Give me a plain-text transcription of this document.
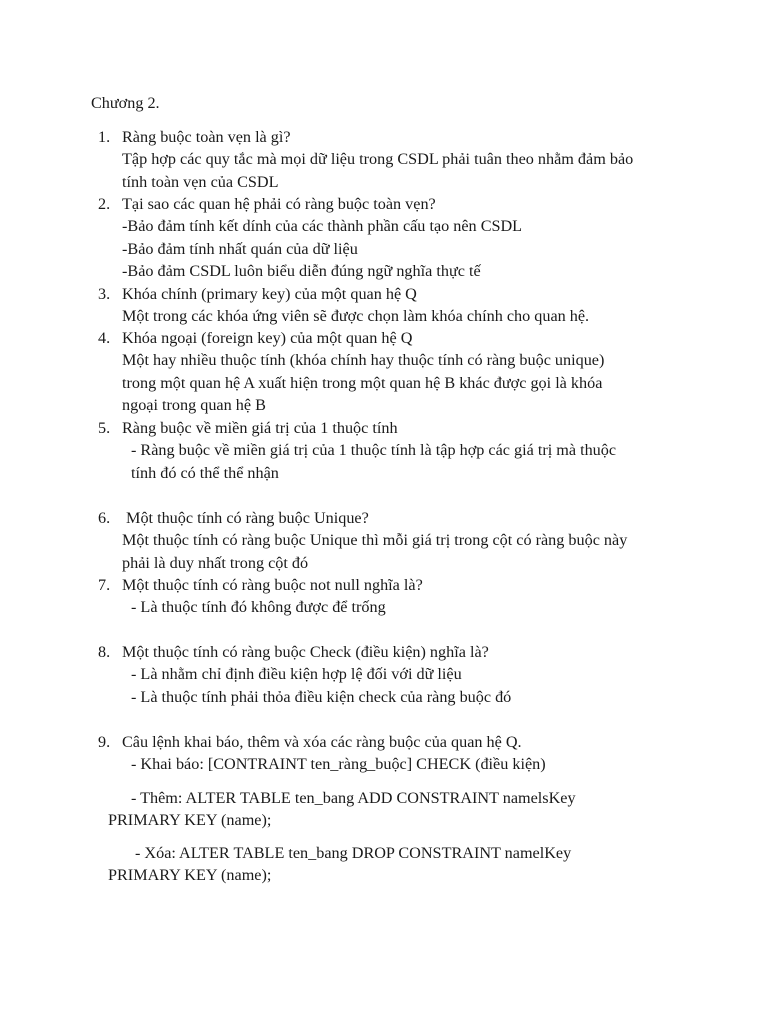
Chương 2.
1. Ràng buộc toàn vẹn là gì?
Tập hợp các quy tắc mà mọi dữ liệu trong CSDL phải tuân theo nhằm đảm bảo
tính toàn vẹn của CSDL
2. Tại sao các quan hệ phải có ràng buộc toàn vẹn?
-Bảo đảm tính kết dính của các thành phần cấu tạo nên CSDL
-Bảo đảm tính nhất quán của dữ liệu
-Bảo đảm CSDL luôn biểu diễn đúng ngữ nghĩa thực tế
3. Khóa chính (primary key) của một quan hệ Q
Một trong các khóa ứng viên sẽ được chọn làm khóa chính cho quan hệ.
4. Khóa ngoại (foreign key) của một quan hệ Q
Một hay nhiều thuộc tính (khóa chính hay thuộc tính có ràng buộc unique)
trong một quan hệ A xuất hiện trong một quan hệ B khác được gọi là khóa
ngoại trong quan hệ B
5. Ràng buộc về miền giá trị của 1 thuộc tính
- Ràng buộc về miền giá trị của 1 thuộc tính là tập hợp các giá trị mà thuộc
tính đó có thể thể nhận
6. Một thuộc tính có ràng buộc Unique?
Một thuộc tính có ràng buộc Unique thì mỗi giá trị trong cột có ràng buộc này
phải là duy nhất trong cột đó
7. Một thuộc tính có ràng buộc not null nghĩa là?
- Là thuộc tính đó không được để trống
8. Một thuộc tính có ràng buộc Check (điều kiện) nghĩa là?
- Là nhằm chỉ định điều kiện hợp lệ đối với dữ liệu
- Là thuộc tính phải thỏa điều kiện check của ràng buộc đó
9. Câu lệnh khai báo, thêm và xóa các ràng buộc của quan hệ Q.
- Khai báo: [CONTRAINT ten_ràng_buộc] CHECK (điều kiện)
- Thêm: ALTER TABLE ten_bang ADD CONSTRAINT namelsKey
PRIMARY KEY (name);
- Xóa: ALTER TABLE ten_bang DROP CONSTRAINT namelKey
PRIMARY KEY (name);
